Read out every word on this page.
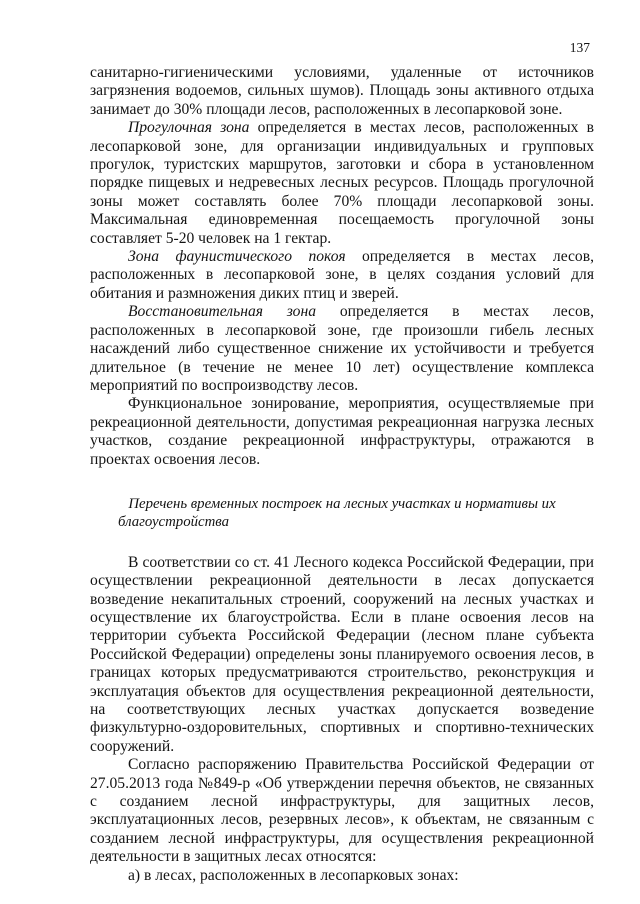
137

санитарно-гигиеническими условиями, удаленные от источников загрязнения водоемов, сильных шумов). Площадь зоны активного отдыха занимает до 30% площади лесов, расположенных в лесопарковой зоне.

Прогулочная зона определяется в местах лесов, расположенных в лесопарковой зоне, для организации индивидуальных и групповых прогулок, туристских маршрутов, заготовки и сбора в установленном порядке пищевых и недревесных лесных ресурсов. Площадь прогулочной зоны может составлять более 70% площади лесопарковой зоны. Максимальная единовременная посещаемость прогулочной зоны составляет 5-20 человек на 1 гектар.

Зона фаунистического покоя определяется в местах лесов, расположенных в лесопарковой зоне, в целях создания условий для обитания и размножения диких птиц и зверей.

Восстановительная зона определяется в местах лесов, расположенных в лесопарковой зоне, где произошли гибель лесных насаждений либо существенное снижение их устойчивости и требуется длительное (в течение не менее 10 лет) осуществление комплекса мероприятий по воспроизводству лесов.

Функциональное зонирование, мероприятия, осуществляемые при рекреационной деятельности, допустимая рекреационная нагрузка лесных участков, создание рекреационной инфраструктуры, отражаются в проектах освоения лесов.

Перечень временных построек на лесных участках и нормативы их благоустройства

В соответствии со ст. 41 Лесного кодекса Российской Федерации, при осуществлении рекреационной деятельности в лесах допускается возведение некапитальных строений, сооружений на лесных участках и осуществление их благоустройства. Если в плане освоения лесов на территории субъекта Российской Федерации (лесном плане субъекта Российской Федерации) определены зоны планируемого освоения лесов, в границах которых предусматриваются строительство, реконструкция и эксплуатация объектов для осуществления рекреационной деятельности, на соответствующих лесных участках допускается возведение физкультурно-оздоровительных, спортивных и спортивно-технических сооружений.

Согласно распоряжению Правительства Российской Федерации от 27.05.2013 года №849-р «Об утверждении перечня объектов, не связанных с созданием лесной инфраструктуры, для защитных лесов, эксплуатационных лесов, резервных лесов», к объектам, не связанным с созданием лесной инфраструктуры, для осуществления рекреационной деятельности в защитных лесах относятся:

а) в лесах, расположенных в лесопарковых зонах:
